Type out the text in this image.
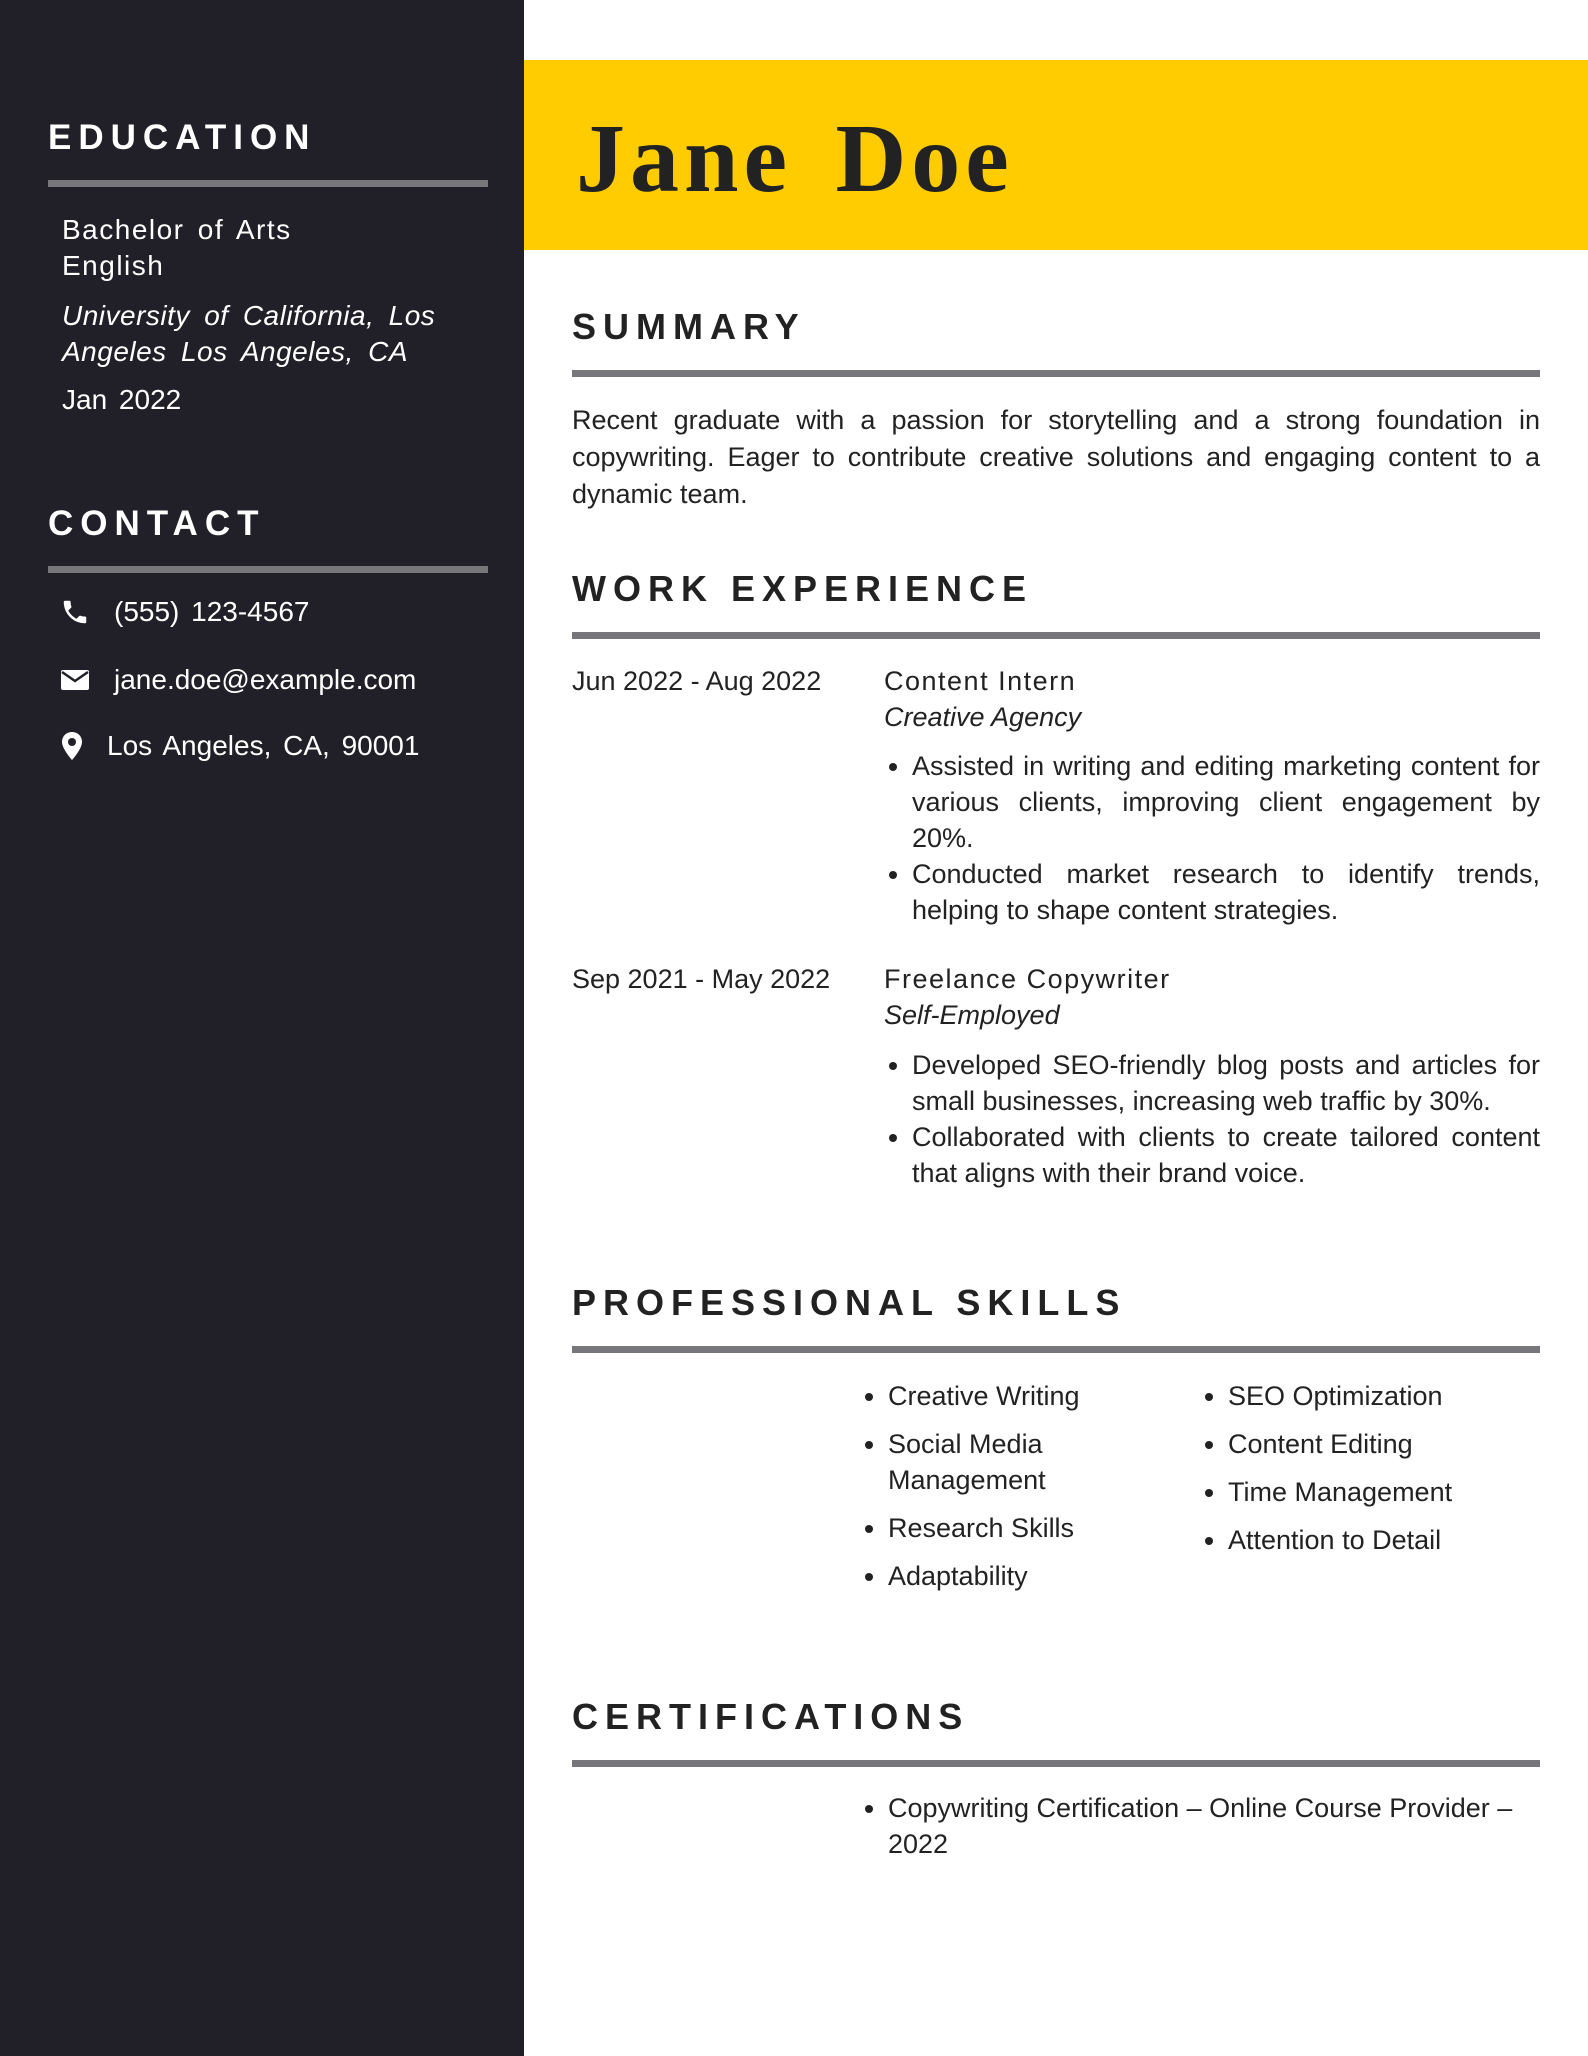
EDUCATION
Bachelor of Arts
English
University of California, Los Angeles Los Angeles, CA
Jan 2022
CONTACT
(555) 123-4567
jane.doe@example.com
Los Angeles, CA, 90001
Jane Doe
SUMMARY
Recent graduate with a passion for storytelling and a strong foundation in copywriting. Eager to contribute creative solutions and engaging content to a dynamic team.
WORK EXPERIENCE
Jun 2022 - Aug 2022 Content Intern
Creative Agency
• Assisted in writing and editing marketing content for various clients, improving client engagement by 20%.
• Conducted market research to identify trends, helping to shape content strategies.
Sep 2021 - May 2022 Freelance Copywriter
Self-Employed
• Developed SEO-friendly blog posts and articles for small businesses, increasing web traffic by 30%.
• Collaborated with clients to create tailored content that aligns with their brand voice.
PROFESSIONAL SKILLS
• Creative Writing
• Social Media Management
• Research Skills
• Adaptability
• SEO Optimization
• Content Editing
• Time Management
• Attention to Detail
CERTIFICATIONS
• Copywriting Certification – Online Course Provider – 2022
